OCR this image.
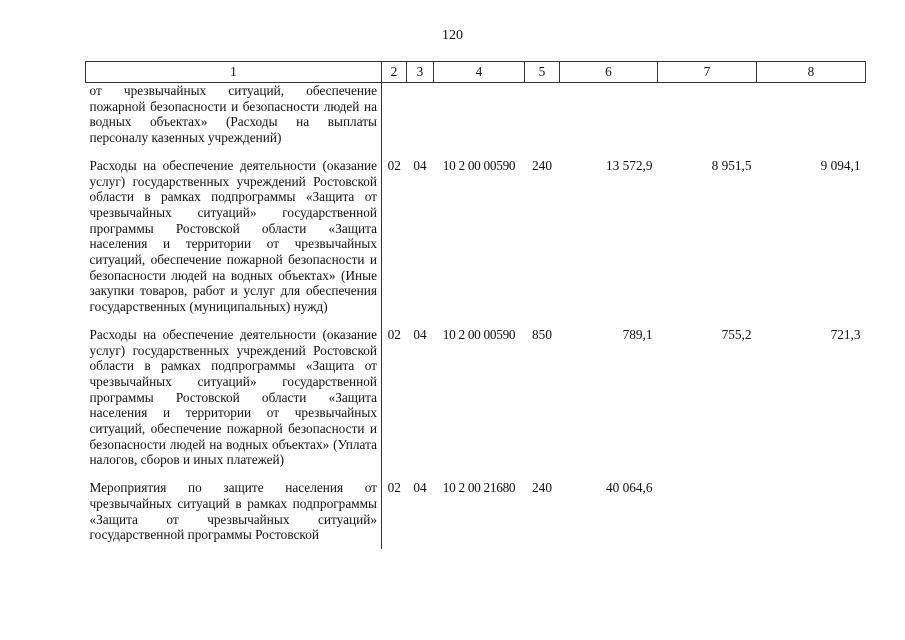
120
1	2	3	4	5	6	7	8
от чрезвычайных ситуаций, обеспечение пожарной безопасности и безопасности людей на водных объектах» (Расходы на выплаты персоналу казенных учреждений)							
Расходы на обеспечение деятельности (оказание услуг) государственных учреждений Ростовской области в рамках подпрограммы «Защита от чрезвычайных ситуаций» государственной программы Ростовской области «Защита населения и территории от чрезвычайных ситуаций, обеспечение пожарной безопасности и безопасности людей на водных объектах» (Иные закупки товаров, работ и услуг для обеспечения государственных (муниципальных) нужд)	02	04	10 2 00 00590	240	13 572,9	8 951,5	9 094,1
Расходы на обеспечение деятельности (оказание услуг) государственных учреждений Ростовской области в рамках подпрограммы «Защита от чрезвычайных ситуаций» государственной программы Ростовской области «Защита населения и территории от чрезвычайных ситуаций, обеспечение пожарной безопасности и безопасности людей на водных объектах» (Уплата налогов, сборов и иных платежей)	02	04	10 2 00 00590	850	789,1	755,2	721,3
Мероприятия по защите населения от чрезвычайных ситуаций в рамках подпрограммы «Защита от чрезвычайных ситуаций» государственной программы Ростовской	02	04	10 2 00 21680	240	40 064,6		
